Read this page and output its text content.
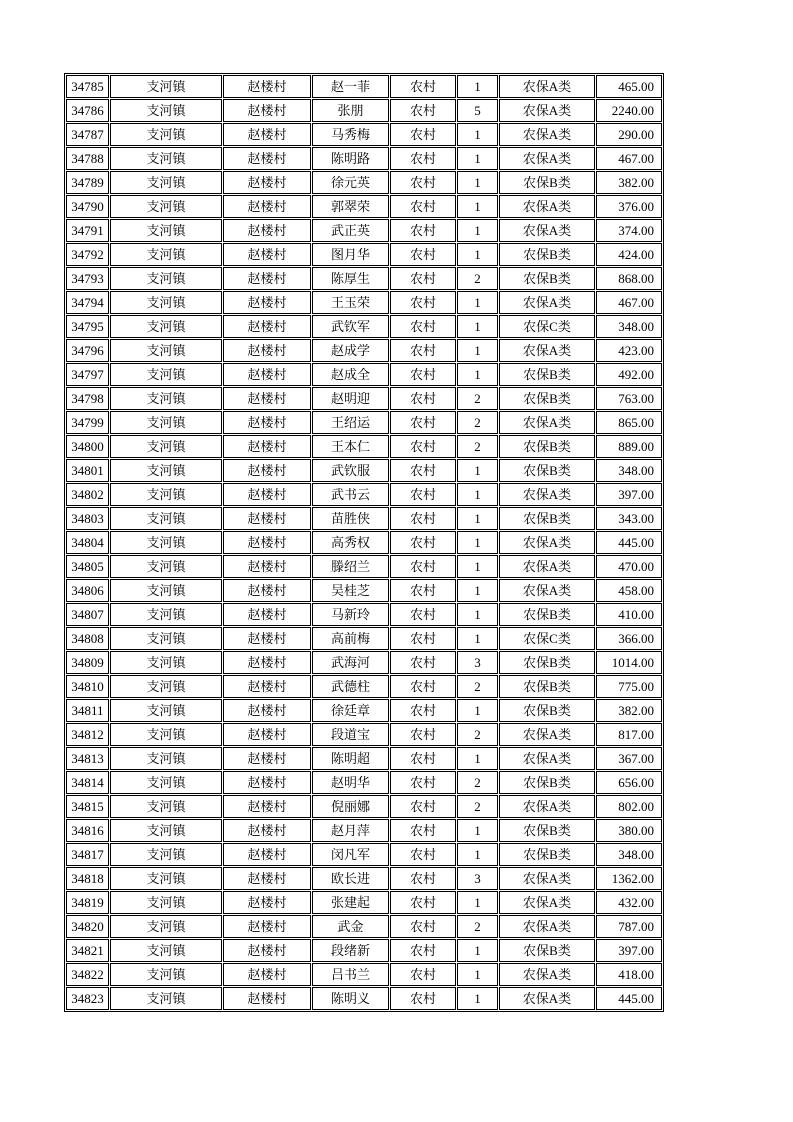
34785	支河镇	赵楼村	赵一菲	农村	1	农保A类	465.00
34786	支河镇	赵楼村	张朋	农村	5	农保A类	2240.00
34787	支河镇	赵楼村	马秀梅	农村	1	农保A类	290.00
34788	支河镇	赵楼村	陈明路	农村	1	农保A类	467.00
34789	支河镇	赵楼村	徐元英	农村	1	农保B类	382.00
34790	支河镇	赵楼村	郭翠荣	农村	1	农保A类	376.00
34791	支河镇	赵楼村	武正英	农村	1	农保A类	374.00
34792	支河镇	赵楼村	图月华	农村	1	农保B类	424.00
34793	支河镇	赵楼村	陈厚生	农村	2	农保B类	868.00
34794	支河镇	赵楼村	王玉荣	农村	1	农保A类	467.00
34795	支河镇	赵楼村	武钦军	农村	1	农保C类	348.00
34796	支河镇	赵楼村	赵成学	农村	1	农保A类	423.00
34797	支河镇	赵楼村	赵成全	农村	1	农保B类	492.00
34798	支河镇	赵楼村	赵明迎	农村	2	农保B类	763.00
34799	支河镇	赵楼村	王绍运	农村	2	农保A类	865.00
34800	支河镇	赵楼村	王本仁	农村	2	农保B类	889.00
34801	支河镇	赵楼村	武钦服	农村	1	农保B类	348.00
34802	支河镇	赵楼村	武书云	农村	1	农保A类	397.00
34803	支河镇	赵楼村	苗胜侠	农村	1	农保B类	343.00
34804	支河镇	赵楼村	高秀权	农村	1	农保A类	445.00
34805	支河镇	赵楼村	滕绍兰	农村	1	农保A类	470.00
34806	支河镇	赵楼村	吴桂芝	农村	1	农保A类	458.00
34807	支河镇	赵楼村	马新玲	农村	1	农保B类	410.00
34808	支河镇	赵楼村	高前梅	农村	1	农保C类	366.00
34809	支河镇	赵楼村	武海河	农村	3	农保B类	1014.00
34810	支河镇	赵楼村	武德柱	农村	2	农保B类	775.00
34811	支河镇	赵楼村	徐廷章	农村	1	农保B类	382.00
34812	支河镇	赵楼村	段道宝	农村	2	农保A类	817.00
34813	支河镇	赵楼村	陈明超	农村	1	农保A类	367.00
34814	支河镇	赵楼村	赵明华	农村	2	农保B类	656.00
34815	支河镇	赵楼村	倪丽娜	农村	2	农保A类	802.00
34816	支河镇	赵楼村	赵月萍	农村	1	农保B类	380.00
34817	支河镇	赵楼村	闵凡军	农村	1	农保B类	348.00
34818	支河镇	赵楼村	欧长进	农村	3	农保A类	1362.00
34819	支河镇	赵楼村	张建起	农村	1	农保A类	432.00
34820	支河镇	赵楼村	武金	农村	2	农保A类	787.00
34821	支河镇	赵楼村	段绪新	农村	1	农保B类	397.00
34822	支河镇	赵楼村	吕书兰	农村	1	农保A类	418.00
34823	支河镇	赵楼村	陈明义	农村	1	农保A类	445.00
